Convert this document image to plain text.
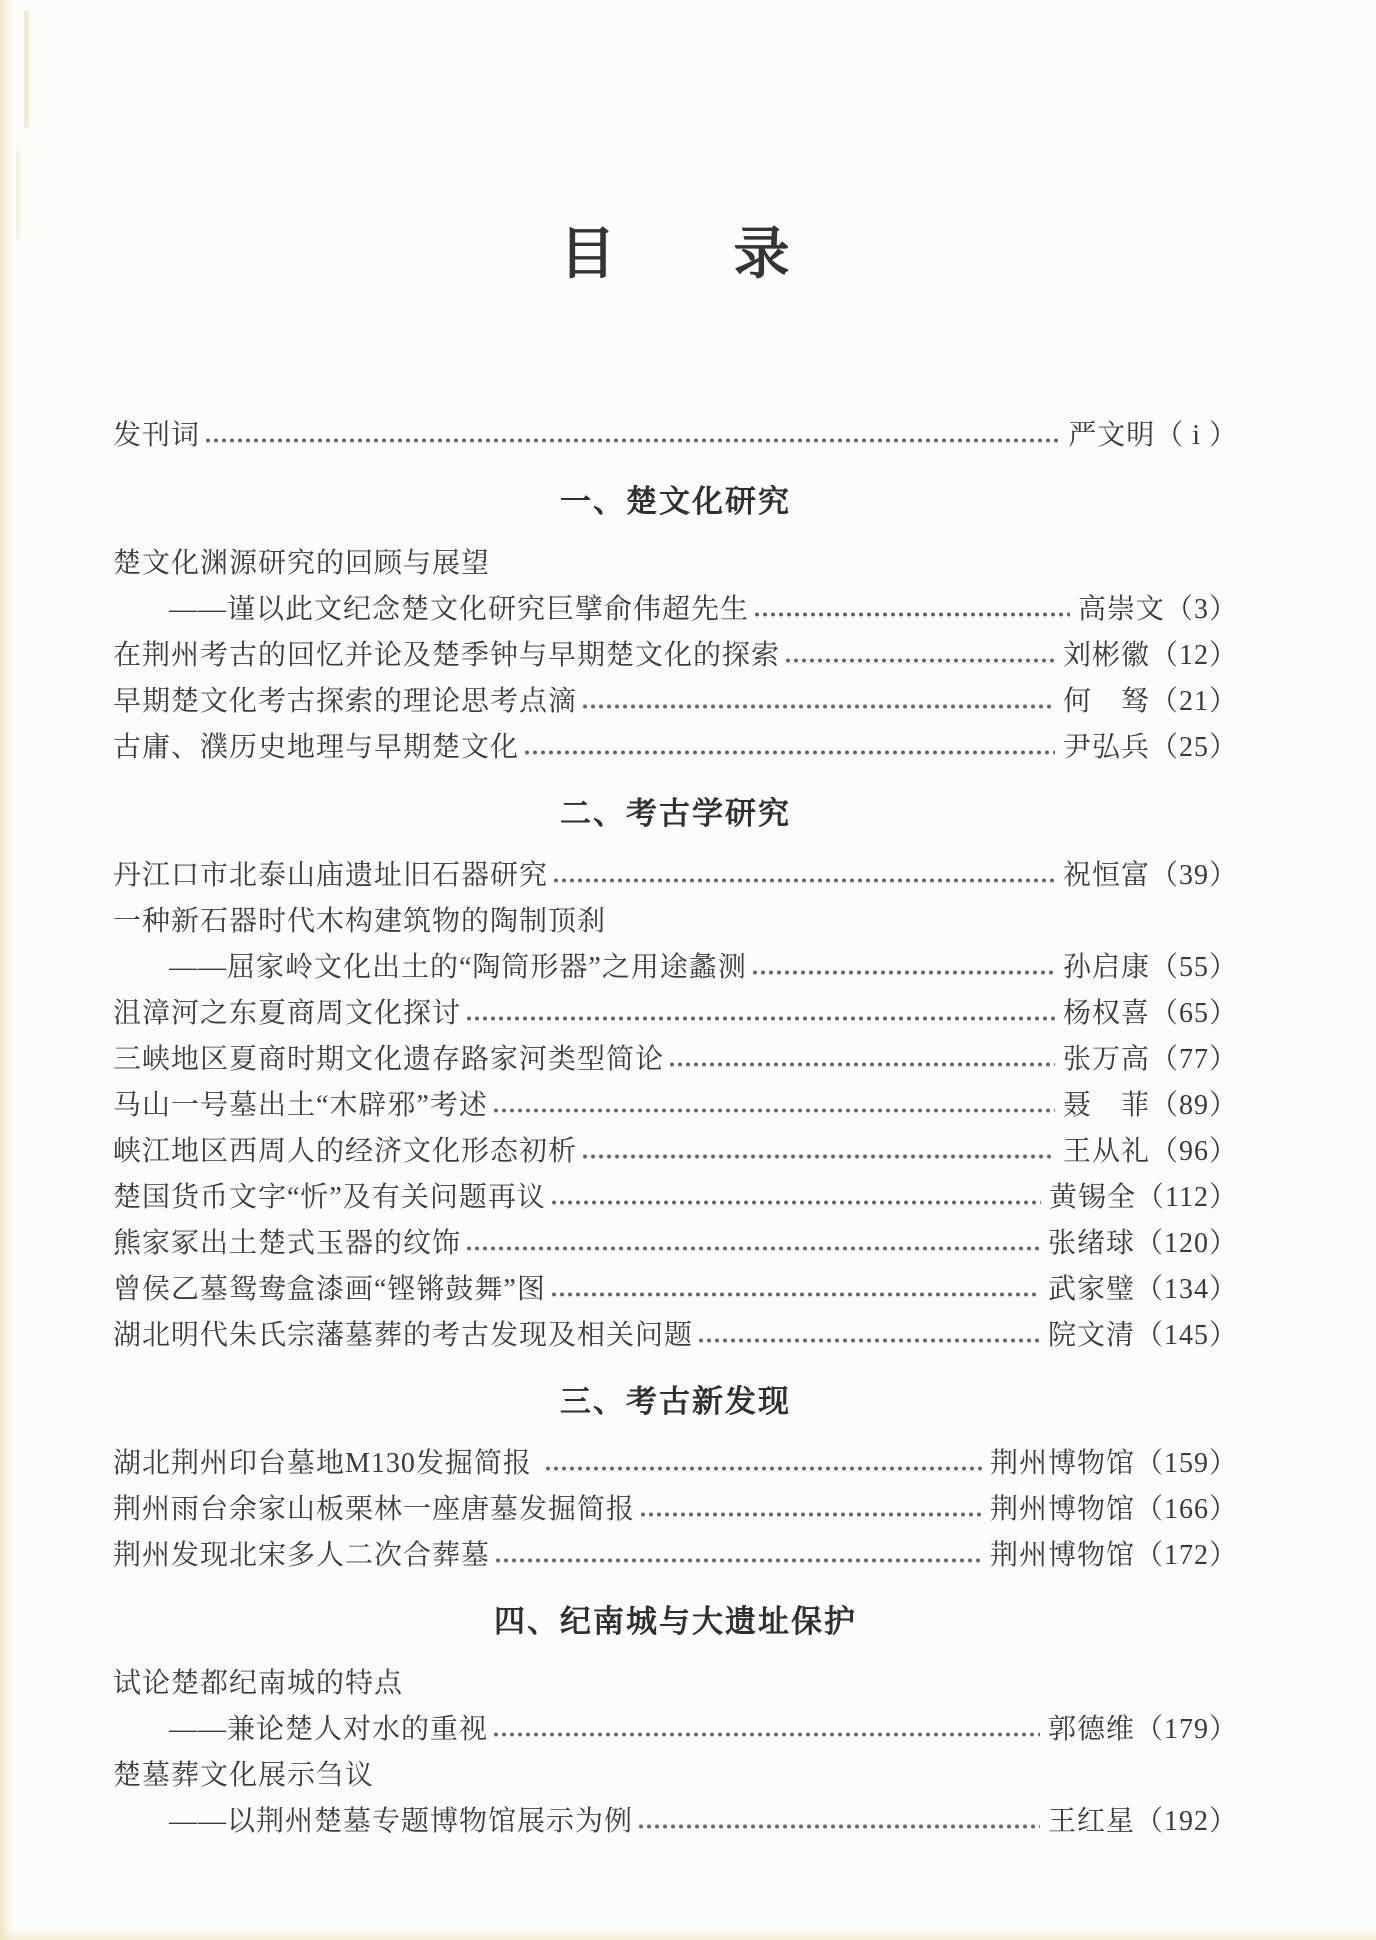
目　　录
发刊词	严文明 （ i ）
一、楚文化研究
楚文化渊源研究的回顾与展望
——谨以此文纪念楚文化研究巨擘俞伟超先生	高崇文 （3）
在荆州考古的回忆并论及楚季钟与早期楚文化的探索	刘彬徽 （12）
早期楚文化考古探索的理论思考点滴	何　驽 （21）
古庸、濮历史地理与早期楚文化	尹弘兵 （25）
二、考古学研究
丹江口市北泰山庙遗址旧石器研究	祝恒富 （39）
一种新石器时代木构建筑物的陶制顶刹
——屈家岭文化出土的“陶筒形器”之用途蠡测	孙启康 （55）
沮漳河之东夏商周文化探讨	杨权喜 （65）
三峡地区夏商时期文化遗存路家河类型简论	张万高 （77）
马山一号墓出土“木辟邪”考述	聂　菲 （89）
峡江地区西周人的经济文化形态初析	王从礼 （96）
楚国货币文字“忻”及有关问题再议	黄锡全 （112）
熊家冢出土楚式玉器的纹饰	张绪球 （120）
曾侯乙墓鸳鸯盒漆画“铿锵鼓舞”图	武家璧 （134）
湖北明代朱氏宗藩墓葬的考古发现及相关问题	院文清 （145）
三、考古新发现
湖北荆州印台墓地M130发掘简报	荆州博物馆 （159）
荆州雨台余家山板栗林一座唐墓发掘简报	荆州博物馆 （166）
荆州发现北宋多人二次合葬墓	荆州博物馆 （172）
四、纪南城与大遗址保护
试论楚都纪南城的特点
——兼论楚人对水的重视	郭德维 （179）
楚墓葬文化展示刍议
——以荆州楚墓专题博物馆展示为例	王红星 （192）
